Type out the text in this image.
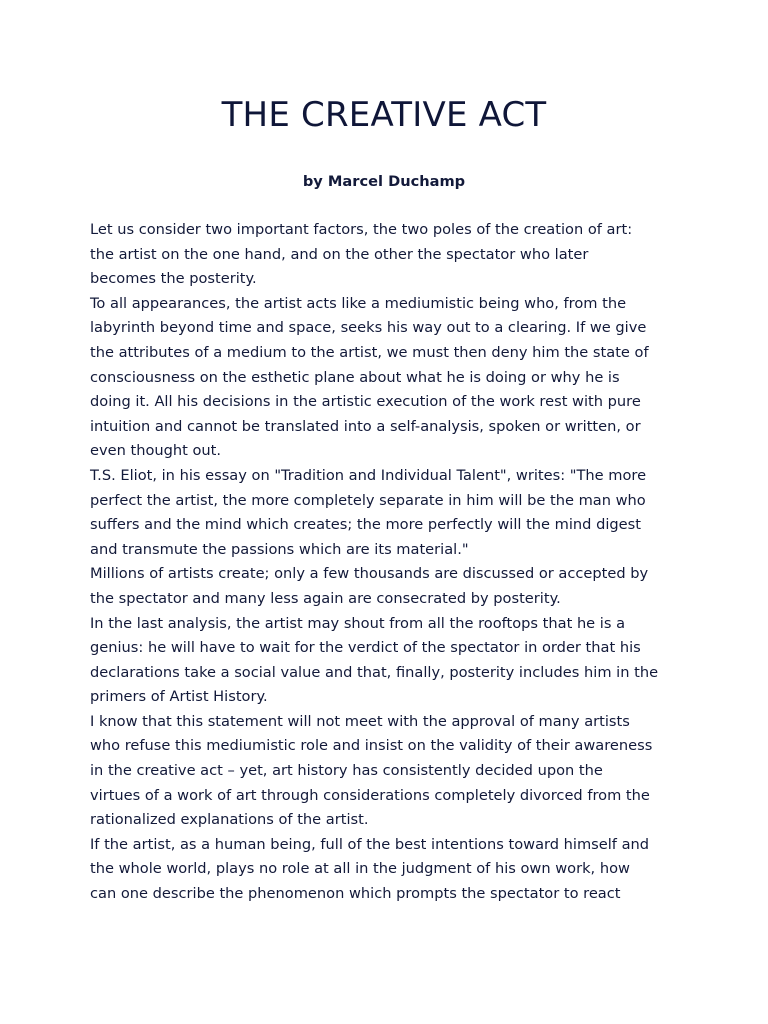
THE CREATIVE ACT
by Marcel Duchamp

Let us consider two important factors, the two poles of the creation of art:
the artist on the one hand, and on the other the spectator who later
becomes the posterity.

To all appearances, the artist acts like a mediumistic being who, from the
labyrinth beyond time and space, seeks his way out to a clearing. If we give
the attributes of a medium to the artist, we must then deny him the state of
consciousness on the esthetic plane about what he is doing or why he is
doing it. All his decisions in the artistic execution of the work rest with pure
intuition and cannot be translated into a self-analysis, spoken or written, or
even thought out.

T.S. Eliot, in his essay on "Tradition and Individual Talent", writes: "The more
perfect the artist, the more completely separate in him will be the man who
suffers and the mind which creates; the more perfectly will the mind digest
and transmute the passions which are its material."

Millions of artists create; only a few thousands are discussed or accepted by
the spectator and many less again are consecrated by posterity.

In the last analysis, the artist may shout from all the rooftops that he is a
genius: he will have to wait for the verdict of the spectator in order that his
declarations take a social value and that, finally, posterity includes him in the
primers of Artist History.

I know that this statement will not meet with the approval of many artists
who refuse this mediumistic role and insist on the validity of their awareness
in the creative act – yet, art history has consistently decided upon the
virtues of a work of art through considerations completely divorced from the
rationalized explanations of the artist.

If the artist, as a human being, full of the best intentions toward himself and
the whole world, plays no role at all in the judgment of his own work, how
can one describe the phenomenon which prompts the spectator to react
